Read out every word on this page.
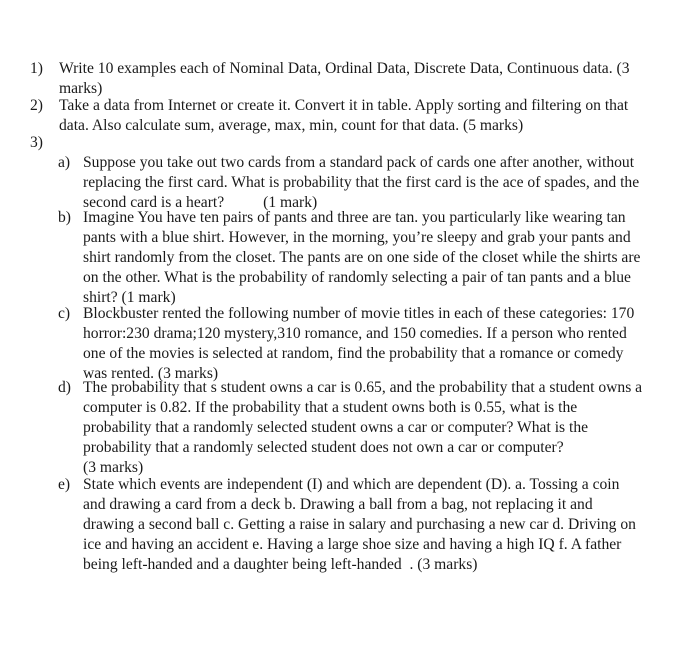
1) Write 10 examples each of Nominal Data, Ordinal Data, Discrete Data, Continuous data. (3
marks)
2) Take a data from Internet or create it. Convert it in table. Apply sorting and filtering on that
data. Also calculate sum, average, max, min, count for that data. (5 marks)
3)
a) Suppose you take out two cards from a standard pack of cards one after another, without
replacing the first card. What is probability that the first card is the ace of spades, and the
second card is a heart?          (1 mark)
b) Imagine You have ten pairs of pants and three are tan. you particularly like wearing tan
pants with a blue shirt. However, in the morning, you’re sleepy and grab your pants and
shirt randomly from the closet. The pants are on one side of the closet while the shirts are
on the other. What is the probability of randomly selecting a pair of tan pants and a blue
shirt? (1 mark)
c) Blockbuster rented the following number of movie titles in each of these categories: 170
horror:230 drama;120 mystery,310 romance, and 150 comedies. If a person who rented
one of the movies is selected at random, find the probability that a romance or comedy
was rented. (3 marks)
d) The probability that s student owns a car is 0.65, and the probability that a student owns a
computer is 0.82. If the probability that a student owns both is 0.55, what is the
probability that a randomly selected student owns a car or computer? What is the
probability that a randomly selected student does not own a car or computer?
(3 marks)
e) State which events are independent (I) and which are dependent (D). a. Tossing a coin
and drawing a card from a deck b. Drawing a ball from a bag, not replacing it and
drawing a second ball c. Getting a raise in salary and purchasing a new car d. Driving on
ice and having an accident e. Having a large shoe size and having a high IQ f. A father
being left-handed and a daughter being left-handed  . (3 marks)
